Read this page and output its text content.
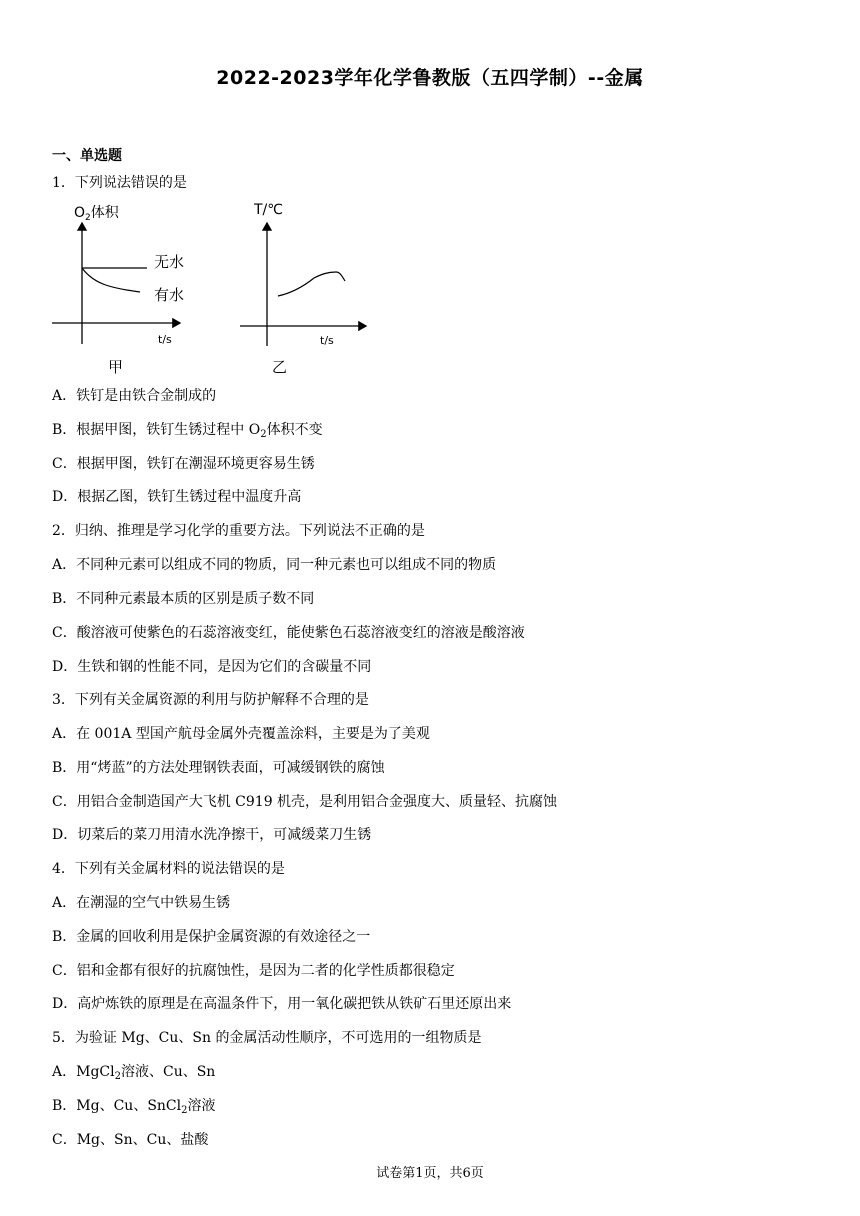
2022-2023学年化学鲁教版（五四学制）--金属
一、单选题
1．下列说法错误的是
$O_2$体积
无水
有水
t/s
甲
T/℃
t/s
乙
A．铁钉是由铁合金制成的
B．根据甲图，铁钉生锈过程中 $O_2$体积不变
C．根据甲图，铁钉在潮湿环境更容易生锈
D．根据乙图，铁钉生锈过程中温度升高
2．归纳、推理是学习化学的重要方法。下列说法不正确的是
A．不同种元素可以组成不同的物质，同一种元素也可以组成不同的物质
B．不同种元素最本质的区别是质子数不同
C．酸溶液可使紫色的石蕊溶液变红，能使紫色石蕊溶液变红的溶液是酸溶液
D．生铁和钢的性能不同，是因为它们的含碳量不同
3．下列有关金属资源的利用与防护解释不合理的是
A．在 001A 型国产航母金属外壳覆盖涂料，主要是为了美观
B．用“烤蓝”的方法处理钢铁表面，可减缓钢铁的腐蚀
C．用铝合金制造国产大飞机 C919 机壳，是利用铝合金强度大、质量轻、抗腐蚀
D．切菜后的菜刀用清水洗净擦干，可减缓菜刀生锈
4．下列有关金属材料的说法错误的是
A．在潮湿的空气中铁易生锈
B．金属的回收利用是保护金属资源的有效途径之一
C．铝和金都有很好的抗腐蚀性，是因为二者的化学性质都很稳定
D．高炉炼铁的原理是在高温条件下，用一氧化碳把铁从铁矿石里还原出来
5．为验证 Mg、Cu、Sn 的金属活动性顺序，不可选用的一组物质是
A．MgCl$_2$溶液、Cu、Sn
B．Mg、Cu、SnCl$_2$溶液
C．Mg、Sn、Cu、盐酸
试卷第1页，共6页
